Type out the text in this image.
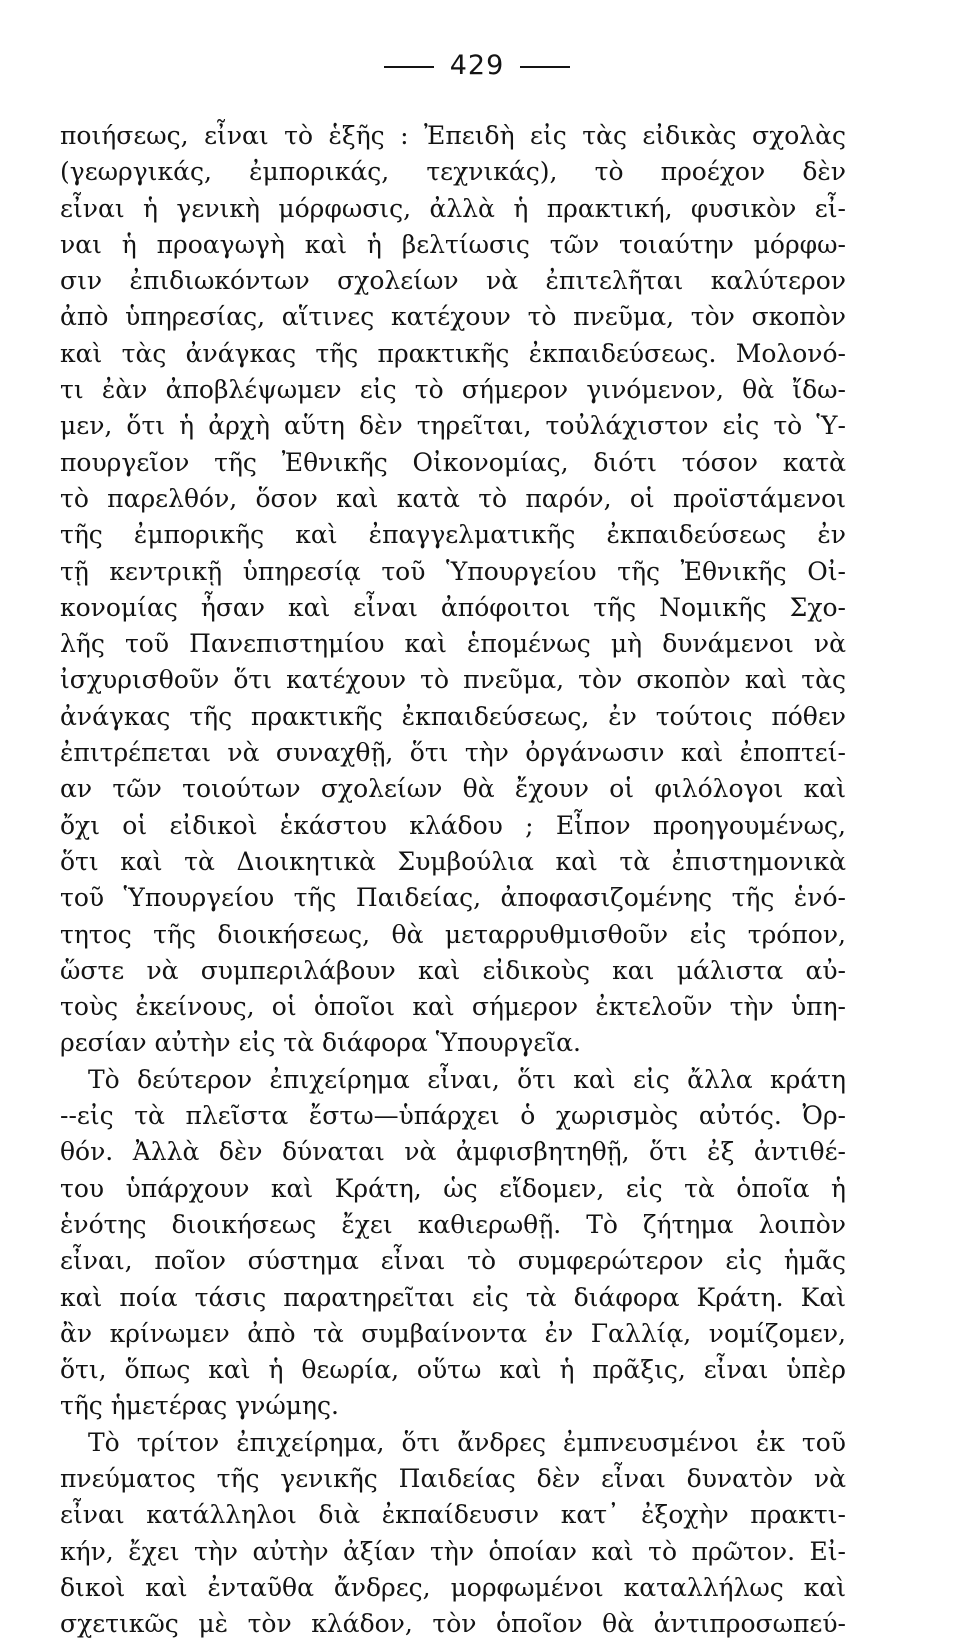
429
ποιήσεως, εἶναι τὸ ἑξῆς : Ἐπειδὴ εἰς τὰς εἰδικὰς σχολὰς
(γεωργικάς, ἐμπορικάς, τεχνικάς), τὸ προέχον δὲν
εἶναι ἡ γενικὴ μόρφωσις, ἀλλὰ ἡ πρακτική, φυσικὸν εἶ-
ναι ἡ προαγωγὴ καὶ ἡ βελτίωσις τῶν τοιαύτην μόρφω-
σιν ἐπιδιωκόντων σχολείων νὰ ἐπιτελῆται καλύτερον
ἀπὸ ὑπηρεσίας, αἵτινες κατέχουν τὸ πνεῦμα, τὸν σκοπὸν
καὶ τὰς ἀνάγκας τῆς πρακτικῆς ἐκπαιδεύσεως. Μολονό-
τι ἐὰν ἀποβλέψωμεν εἰς τὸ σήμερον γινόμενον, θὰ ἴδω-
μεν, ὅτι ἡ ἀρχὴ αὕτη δὲν τηρεῖται, τοὐλάχιστον εἰς τὸ Ὑ-
πουργεῖον τῆς Ἐθνικῆς Οἰκονομίας, διότι τόσον κατὰ
τὸ παρελθόν, ὅσον καὶ κατὰ τὸ παρόν, οἱ προϊστάμενοι
τῆς ἐμπορικῆς καὶ ἐπαγγελματικῆς ἐκπαιδεύσεως ἐν
τῇ κεντρικῇ ὑπηρεσίᾳ τοῦ Ὑπουργείου τῆς Ἐθνικῆς Οἰ-
κονομίας ἦσαν καὶ εἶναι ἀπόφοιτοι τῆς Νομικῆς Σχο-
λῆς τοῦ Πανεπιστημίου καὶ ἑπομένως μὴ δυνάμενοι νὰ
ἰσχυρισθοῦν ὅτι κατέχουν τὸ πνεῦμα, τὸν σκοπὸν καὶ τὰς
ἀνάγκας τῆς πρακτικῆς ἐκπαιδεύσεως, ἐν τούτοις πόθεν
ἐπιτρέπεται νὰ συναχθῇ, ὅτι τὴν ὀργάνωσιν καὶ ἐποπτεί-
αν τῶν τοιούτων σχολείων θὰ ἔχουν οἱ φιλόλογοι καὶ
ὄχι οἱ εἰδικοὶ ἑκάστου κλάδου ; Εἶπον προηγουμένως,
ὅτι καὶ τὰ Διοικητικὰ Συμβούλια καὶ τὰ ἐπιστημονικὰ
τοῦ Ὑπουργείου τῆς Παιδείας, ἀποφασιζομένης τῆς ἑνό-
τητος τῆς διοικήσεως, θὰ μεταρρυθμισθοῦν εἰς τρόπον,
ὥστε νὰ συμπεριλάβουν καὶ εἰδικοὺς και μάλιστα αὐ-
τοὺς ἐκείνους, οἱ ὁποῖοι καὶ σήμερον ἐκτελοῦν τὴν ὑπη-
ρεσίαν αὐτὴν εἰς τὰ διάφορα Ὑπουργεῖα.
Τὸ δεύτερον ἐπιχείρημα εἶναι, ὅτι καὶ εἰς ἄλλα κράτη
--εἰς τὰ πλεῖστα ἔστω—ὑπάρχει ὁ χωρισμὸς αὐτός. Ὀρ-
θόν. Ἀλλὰ δὲν δύναται νὰ ἀμφισβητηθῇ, ὅτι ἐξ ἀντιθέ-
του ὑπάρχουν καὶ Κράτη, ὡς εἴδομεν, εἰς τὰ ὁποῖα ἡ
ἑνότης διοικήσεως ἔχει καθιερωθῇ. Τὸ ζήτημα λοιπὸν
εἶναι, ποῖον σύστημα εἶναι τὸ συμφερώτερον εἰς ἡμᾶς
καὶ ποία τάσις παρατηρεῖται εἰς τὰ διάφορα Κράτη. Καὶ
ἂν κρίνωμεν ἀπὸ τὰ συμβαίνοντα ἐν Γαλλίᾳ, νομίζομεν,
ὅτι, ὅπως καὶ ἡ θεωρία, οὕτω καὶ ἡ πρᾶξις, εἶναι ὑπὲρ
τῆς ἡμετέρας γνώμης.
Τὸ τρίτον ἐπιχείρημα, ὅτι ἄνδρες ἐμπνευσμένοι ἐκ τοῦ
πνεύματος τῆς γενικῆς Παιδείας δὲν εἶναι δυνατὸν νὰ
εἶναι κατάλληλοι διὰ ἐκπαίδευσιν κατ᾽ ἐξοχὴν πρακτι-
κήν, ἔχει τὴν αὐτὴν ἀξίαν τὴν ὁποίαν καὶ τὸ πρῶτον. Εἰ-
δικοὶ καὶ ἐνταῦθα ἄνδρες, μορφωμένοι καταλλήλως καὶ
σχετικῶς μὲ τὸν κλάδον, τὸν ὁποῖον θὰ ἀντιπροσωπεύ-
